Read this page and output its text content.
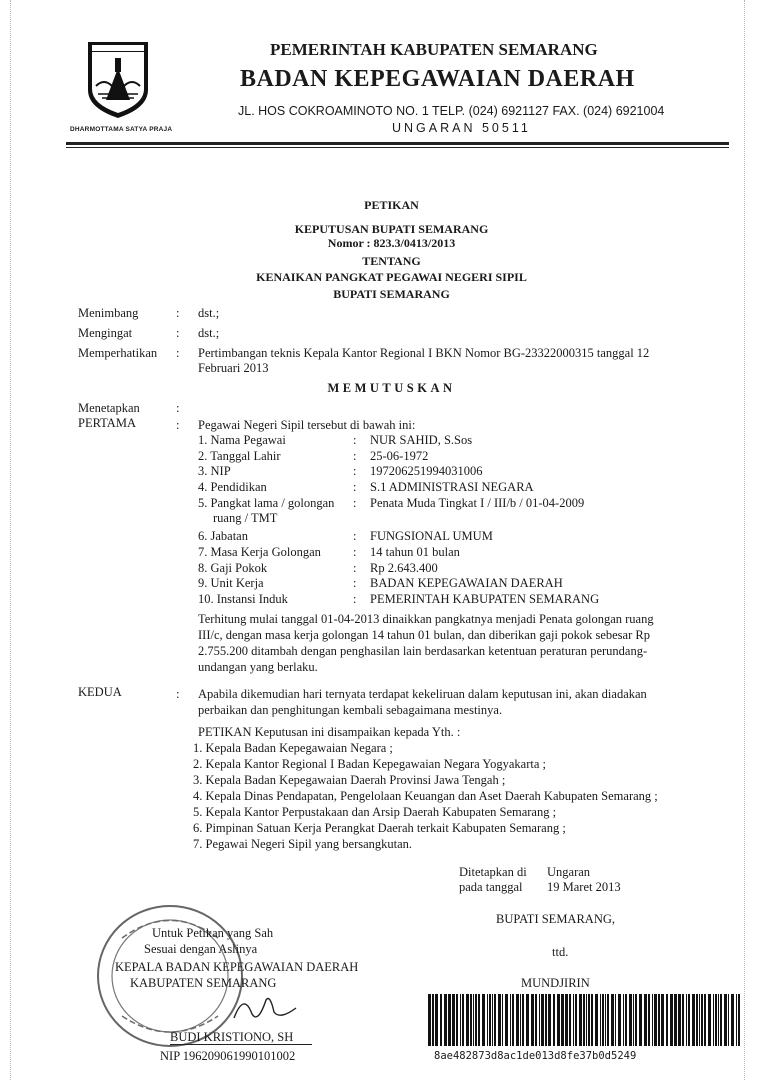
DHARMOTTAMA SATYA PRAJA
PEMERINTAH KABUPATEN SEMARANG
BADAN KEPEGAWAIAN DAERAH
JL. HOS COKROAMINOTO NO. 1 TELP. (024) 6921127 FAX. (024) 6921004
UNGARAN 50511
PETIKAN
KEPUTUSAN BUPATI SEMARANG
Nomor : 823.3/0413/2013
TENTANG
KENAIKAN PANGKAT PEGAWAI NEGERI SIPIL
BUPATI SEMARANG
Menimbang	: dst.;
Mengingat	: dst.;
Memperhatikan : Pertimbangan teknis Kepala Kantor Regional I BKN Nomor BG-23322000315 tanggal 12
Februari 2013
MEMUTUSKAN
Menetapkan	:
PERTAMA	: Pegawai Negeri Sipil tersebut di bawah ini:
1. Nama Pegawai	: NUR SAHID, S.Sos
2. Tanggal Lahir	: 25-06-1972
3. NIP	: 197206251994031006
4. Pendidikan	: S.1 ADMINISTRASI NEGARA
5. Pangkat lama / golongan : Penata Muda Tingkat I / III/b / 01-04-2009
ruang / TMT
6. Jabatan	: FUNGSIONAL UMUM
7. Masa Kerja Golongan	: 14 tahun 01 bulan
8. Gaji Pokok	: Rp 2.643.400
9. Unit Kerja	: BADAN KEPEGAWAIAN DAERAH
10. Instansi Induk	: PEMERINTAH KABUPATEN SEMARANG
Terhitung mulai tanggal 01-04-2013 dinaikkan pangkatnya menjadi Penata golongan ruang
III/c, dengan masa kerja golongan 14 tahun 01 bulan, dan diberikan gaji pokok sebesar Rp
2.755.200 ditambah dengan penghasilan lain berdasarkan ketentuan peraturan perundang-
undangan yang berlaku.
KEDUA	: Apabila dikemudian hari ternyata terdapat kekeliruan dalam keputusan ini, akan diadakan
perbaikan dan penghitungan kembali sebagaimana mestinya.
PETIKAN Keputusan ini disampaikan kepada Yth. :
1. Kepala Badan Kepegawaian Negara ;
2. Kepala Kantor Regional I Badan Kepegawaian Negara Yogyakarta ;
3. Kepala Badan Kepegawaian Daerah Provinsi Jawa Tengah ;
4. Kepala Dinas Pendapatan, Pengelolaan Keuangan dan Aset Daerah Kabupaten Semarang ;
5. Kepala Kantor Perpustakaan dan Arsip Daerah Kabupaten Semarang ;
6. Pimpinan Satuan Kerja Perangkat Daerah terkait Kabupaten Semarang ;
7. Pegawai Negeri Sipil yang bersangkutan.
Ditetapkan di Ungaran
pada tanggal 19 Maret 2013
BUPATI SEMARANG,
ttd.
MUNDJIRIN
Untuk Petikan yang Sah
Sesuai dengan Aslinya
KEPALA BADAN KEPEGAWAIAN DAERAH
KABUPATEN SEMARANG
BUDI KRISTIONO, SH
NIP 196209061990101002	8ae482873d8ac1de013d8fe37b0d5249
